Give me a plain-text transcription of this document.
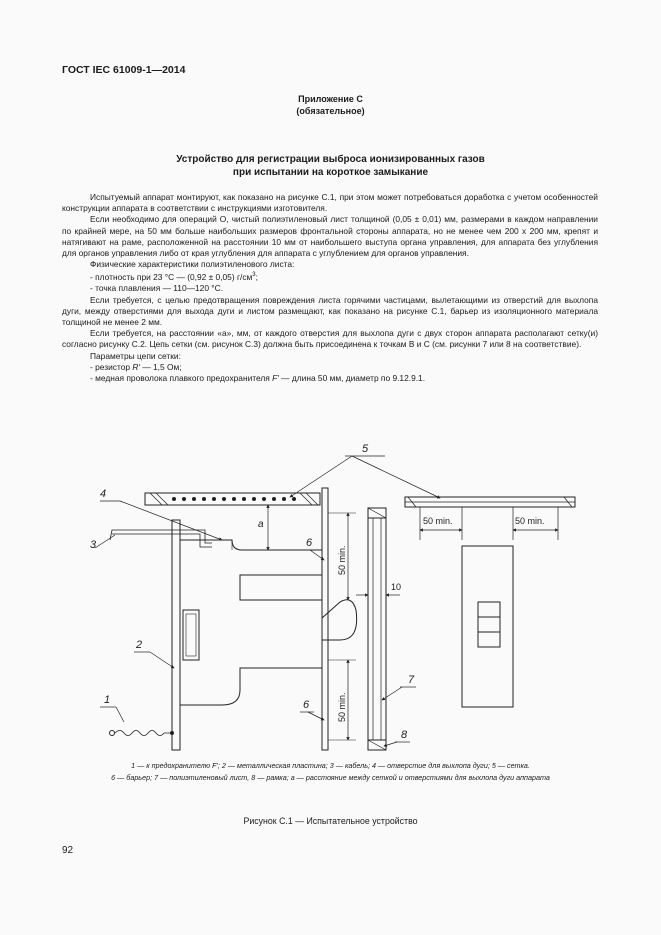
ГОСТ IEC 61009-1—2014
Приложение С
(обязательное)
Устройство для регистрации выброса ионизированных газов
при испытании на короткое замыкание

Испытуемый аппарат монтируют, как показано на рисунке С.1, при этом может потребоваться доработка с учетом особенностей конструкции аппарата в соответствии с инструкциями изготовителя.

Если необходимо для операций О, чистый полиэтиленовый лист толщиной (0,05 ± 0,01) мм, размерами в каждом направлении по крайней мере, на 50 мм больше наибольших размеров фронтальной стороны аппарата, но не менее чем 200 х 200 мм, крепят и натягивают на раме, расположенной на расстоянии 10 мм от наибольшего выступа органа управления, для аппарата без углубления для органов управления либо от края углубления для аппарата с углублением для органов управления.

Физические характеристики полиэтиленового листа:

- плотность при 23 °С — (0,92 ± 0,05) $г/см^3$;

- точка плавления — 110—120 °С.

Если требуется, с целью предотвращения повреждения листа горячими частицами, вылетающими из отверстий для выхлопа дуги, между отверстиями для выхода дуги и листом размещают, как показано на рисунке С.1, барьер из изоляционного материала толщиной не менее 2 мм.

Если требуется, на расстоянии «а», мм, от каждого отверстия для выхлопа дуги с двух сторон аппарата располагают сетку(и) согласно рисунку С.2. Цепь сетки (см. рисунок С.3) должна быть присоединена к точкам В и С (см. рисунки 7 или 8 на соответствие).

Параметры цепи сетки:

- резистор R' — 1,5 Ом;

- медная проволока плавкого предохранителя F' — длина 50 мм, диаметр по 9.12.9.1.

50 min.	50 min.
5
a
50 min.
50 min.
10
3
4
2
1
6
6
7
8
1 — к предохранителю F'; 2 — металлическая пластина; 3 — кабель; 4 — отверстие для выхлопа дуги; 5 — сетка.
6 — барьер; 7 — полиэтиленовый лист, 8 — рамка; а — расстояние между сеткой и отверстиями для выхлопа дуги аппарата
Рисунок С.1 — Испытательное устройство
92
